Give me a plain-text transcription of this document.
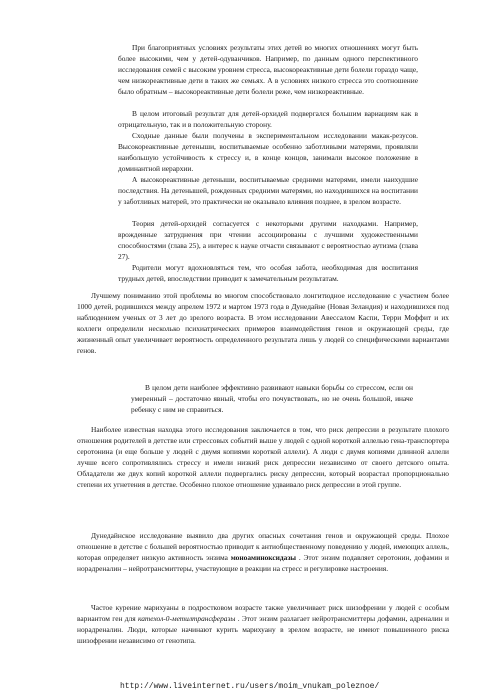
При благоприятных условиях результаты этих детей во многих отношениях могут быть более высокими, чем у детей-одуванчиков. Например, по данным одного перспективного исследования семей с высоким уровнем стресса, высокореактивные дети болели гораздо чаще, чем низкореактивные дети в таких же семьях. А в условиях низкого стресса это соотношение было обратным – высокореактивные дети болели реже, чем низкореактивные.

В целом итоговый результат для детей-орхидей подвергался большим вариациям как в отрицательную, так и в положительную сторону.

Сходные данные были получены в экспериментальном исследовании макак-резусов. Высокореактивные детеныши, воспитываемые особенно заботливыми матерями, проявляли наибольшую устойчивость к стрессу и, в конце концов, занимали высокое положение в доминантной иерархии.

А высокореактивные детеныши, воспитываемые средними матерями, имели наихудшие последствия. На детенышей, рожденных средними матерями, но находившихся на воспитании у заботливых матерей, это практически не оказывало влияния позднее, в зрелом возрасте.

Теория детей-орхидей согласуется с некоторыми другими находками. Например, врожденные затруднения при чтении ассоциированы с лучшими художественными способностями (глава 25), а интерес к науке отчасти связывают с вероятностью аутизма (глава 27).

Родители могут вдохновляться тем, что особая забота, необходимая для воспитания трудных детей, впоследствии приводит к замечательным результатам.

Лучшему пониманию этой проблемы во многом способствовало лонгитюдное исследование с участием более 1000 детей, родившихся между апрелем 1972 и мартом 1973 года в Дунедайне (Новая Зеландия) и находившихся под наблюдением ученых от 3 лет до зрелого возраста. В этом исследовании Авессалом Каспи, Терри Моффит и их коллеги определили несколько психиатрических примеров взаимодействия генов и окружающей среды, где жизненный опыт увеличивает вероятность определенного результата лишь у людей со специфическими вариантами генов.

В целом дети наиболее эффективно развивают навыки борьбы со стрессом, если он умеренный – достаточно явный, чтобы его почувствовать, но не очень большой, иначе ребенку с ним не справиться.

Наиболее известная находка этого исследования заключается в том, что риск депрессии в результате плохого отношения родителей в детстве или стрессовых событий выше у людей с одной короткой аллелью гена-транспортера серотонина (и еще больше у людей с двумя копиями короткой аллели). А люди с двумя копиями длинной аллели лучше всего сопротивлялись стрессу и имели низкий риск депрессии независимо от своего детского опыта. Обладатели же двух копий короткой аллели подвергались риску депрессии, который возрастал пропорционально степени их угнетения в детстве. Особенно плохое отношение удваивало риск депрессии в этой группе.

Дунедайнское исследование выявило два других опасных сочетания генов и окружающей среды. Плохое отношение в детстве с большей вероятностью приводит к антиобщественному поведению у людей, имеющих аллель, которая определяет низкую активность энзима моноаминоксидазы . Этот энзим подавляет серотонин, дофамин и норадреналин – нейротрансмиттеры, участвующие в реакции на стресс и регулировке настроения.

Частое курение марихуаны в подростковом возрасте также увеличивает риск шизофрении у людей с особым вариантом ген для катехол-0-метилтрансферазы . Этот энзим разлагает нейротрансмиттеры дофамин, адреналин и норадреналин. Люди, которые начинают курить марихуану в зрелом возрасте, не имеют повышенного риска шизофрении независимо от генотипа.

http://www.liveinternet.ru/users/moim_vnukam_poleznoe/
